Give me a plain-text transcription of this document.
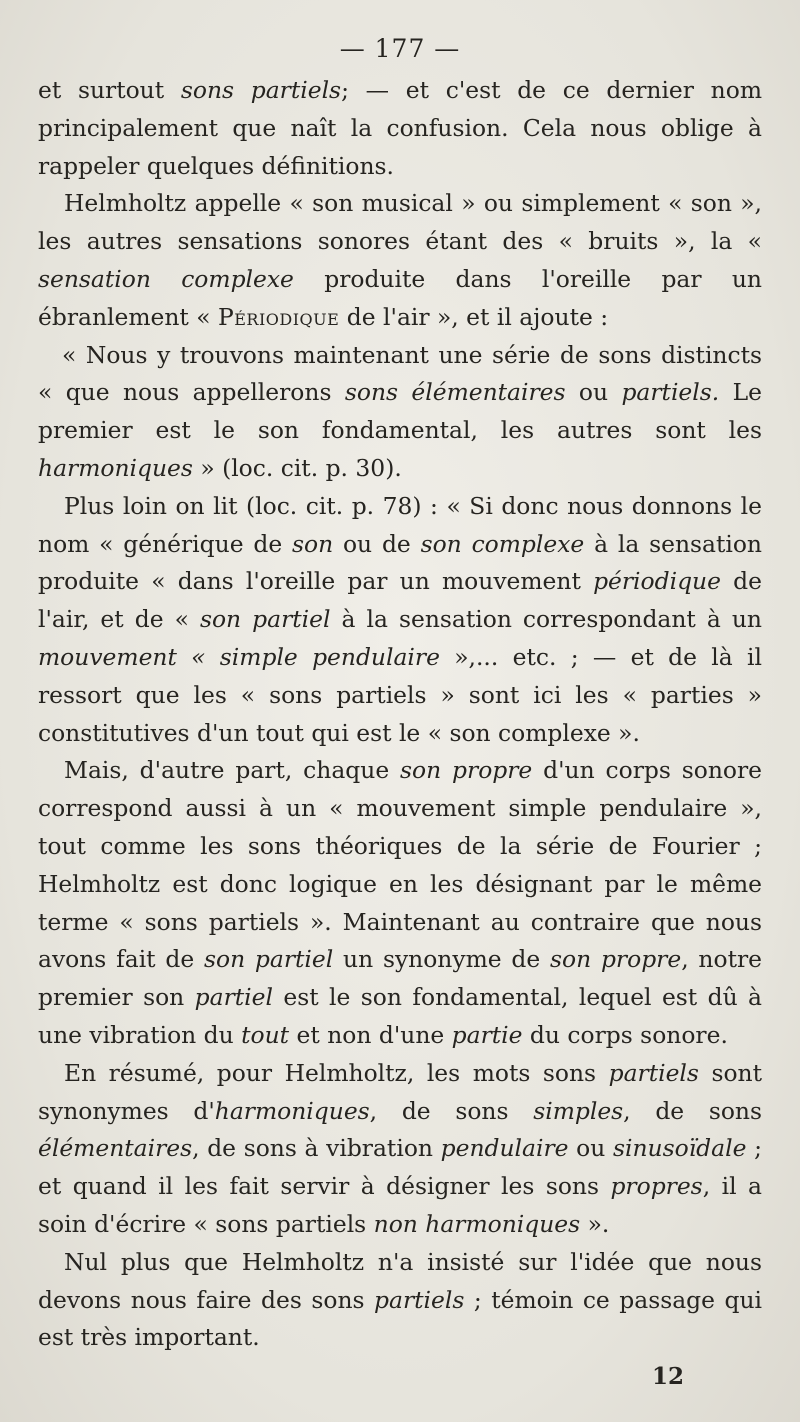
— 177 —

et surtout sons partiels; — et c'est de ce dernier nom principalement que naît la confusion. Cela nous oblige à rappeler quelques définitions.

Helmholtz appelle « son musical » ou simplement « son », les autres sensations sonores étant des « bruits », la « sensation complexe produite dans l'oreille par un ébranlement « Périodique de l'air », et il ajoute :

« Nous y trouvons maintenant une série de sons distincts « que nous appellerons sons élémentaires ou partiels. Le premier est le son fondamental, les autres sont les harmoniques » (loc. cit. p. 30).

Plus loin on lit (loc. cit. p. 78) : « Si donc nous donnons le nom « générique de son ou de son complexe à la sensation produite « dans l'oreille par un mouvement périodique de l'air, et de « son partiel à la sensation correspondant à un mouvement « simple pendulaire »,... etc. ; — et de là il ressort que les « sons partiels » sont ici les « parties » constitutives d'un tout qui est le « son complexe ».

Mais, d'autre part, chaque son propre d'un corps sonore correspond aussi à un « mouvement simple pendulaire », tout comme les sons théoriques de la série de Fourier ; Helmholtz est donc logique en les désignant par le même terme « sons partiels ». Maintenant au contraire que nous avons fait de son partiel un synonyme de son propre, notre premier son partiel est le son fondamental, lequel est dû à une vibration du tout et non d'une partie du corps sonore.

En résumé, pour Helmholtz, les mots sons partiels sont synonymes d'harmoniques, de sons simples, de sons élémentaires, de sons à vibration pendulaire ou sinusoïdale ; et quand il les fait servir à désigner les sons propres, il a soin d'écrire « sons partiels non harmoniques ».

Nul plus que Helmholtz n'a insisté sur l'idée que nous devons nous faire des sons partiels ; témoin ce passage qui est très important.

12
